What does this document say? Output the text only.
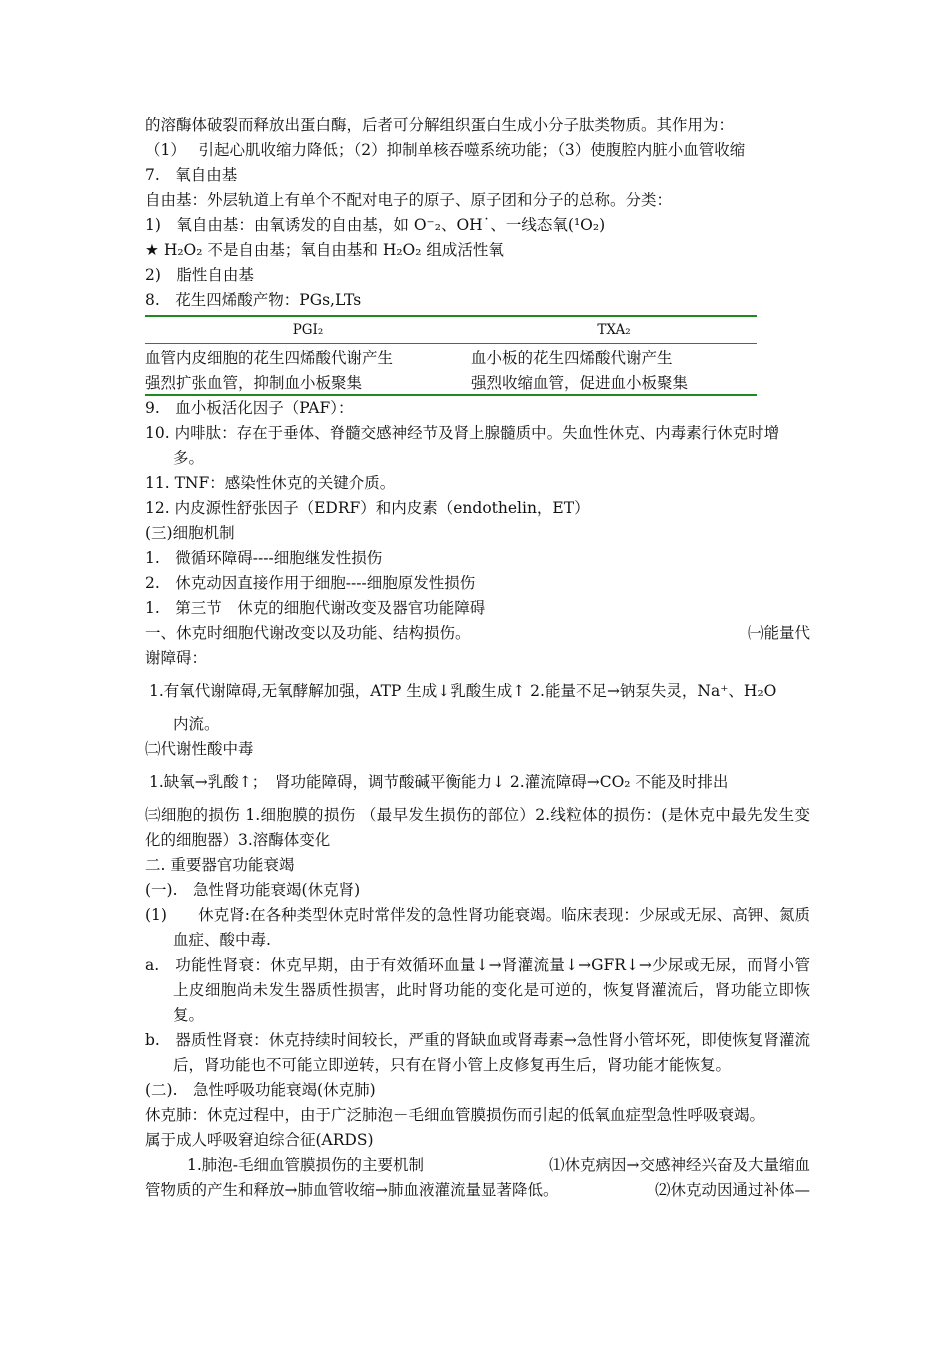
的溶酶体破裂而释放出蛋白酶，后者可分解组织蛋白生成小分子肽类物质。其作用为：
（1）　 引起心肌收缩力降低；（2）抑制单核吞噬系统功能；（3）使腹腔内脏小血管收缩
7.　氧自由基
自由基：外层轨道上有单个不配对电子的原子、原子团和分子的总称。分类：
1)　氧自由基：由氧诱发的自由基，如 O⁻₂、OH˙、一线态氧(¹O₂)
★ H₂O₂ 不是自由基；氧自由基和 H₂O₂ 组成活性氧
2)　脂性自由基
8.　花生四烯酸产物：PGs,LTs
PGI₂	TXA₂
血管内皮细胞的花生四烯酸代谢产生	血小板的花生四烯酸代谢产生
强烈扩张血管，抑制血小板聚集	强烈收缩血管，促进血小板聚集
9.　血小板活化因子（PAF）：
10. 内啡肽：存在于垂体、脊髓交感神经节及肾上腺髓质中。失血性休克、内毒素行休克时增多。
11. TNF：感染性休克的关键介质。
12. 内皮源性舒张因子（EDRF）和内皮素（endothelin，ET）
(三)细胞机制
1.　微循环障碍----细胞继发性损伤
2.　休克动因直接作用于细胞----细胞原发性损伤
1.　第三节　休克的细胞代谢改变及器官功能障碍
一、休克时细胞代谢改变以及功能、结构损伤。	㈠能量代
谢障碍：
1.有氧代谢障碍,无氧酵解加强，ATP 生成↓乳酸生成↑ 2.能量不足→钠泵失灵，Na⁺、H₂O
内流。
㈡代谢性酸中毒
1.缺氧→乳酸↑；　肾功能障碍，调节酸碱平衡能力↓ 2.灌流障碍→CO₂ 不能及时排出
㈢细胞的损伤 1.细胞膜的损伤 （最早发生损伤的部位）2.线粒体的损伤：(是休克中最先发生变化的细胞器）3.溶酶体变化
二. 重要器官功能衰竭
(一).　急性肾功能衰竭(休克肾)
(1)　　休克肾:在各种类型休克时常伴发的急性肾功能衰竭。临床表现：少尿或无尿、高钾、氮质血症、酸中毒.
a.　功能性肾衰：休克早期，由于有效循环血量↓→肾灌流量↓→GFR↓→少尿或无尿，而肾小管上皮细胞尚未发生器质性损害，此时肾功能的变化是可逆的，恢复肾灌流后，肾功能立即恢复。
b.　器质性肾衰：休克持续时间较长，严重的肾缺血或肾毒素→急性肾小管坏死，即使恢复肾灌流后，肾功能也不可能立即逆转，只有在肾小管上皮修复再生后，肾功能才能恢复。
(二).　急性呼吸功能衰竭(休克肺)
休克肺：休克过程中，由于广泛肺泡－毛细血管膜损伤而引起的低氧血症型急性呼吸衰竭。
属于成人呼吸窘迫综合征(ARDS)
1.肺泡-毛细血管膜损伤的主要机制	⑴休克病因→交感神经兴奋及大量缩血
管物质的产生和释放→肺血管收缩→肺血液灌流量显著降低。	⑵休克动因通过补体—
